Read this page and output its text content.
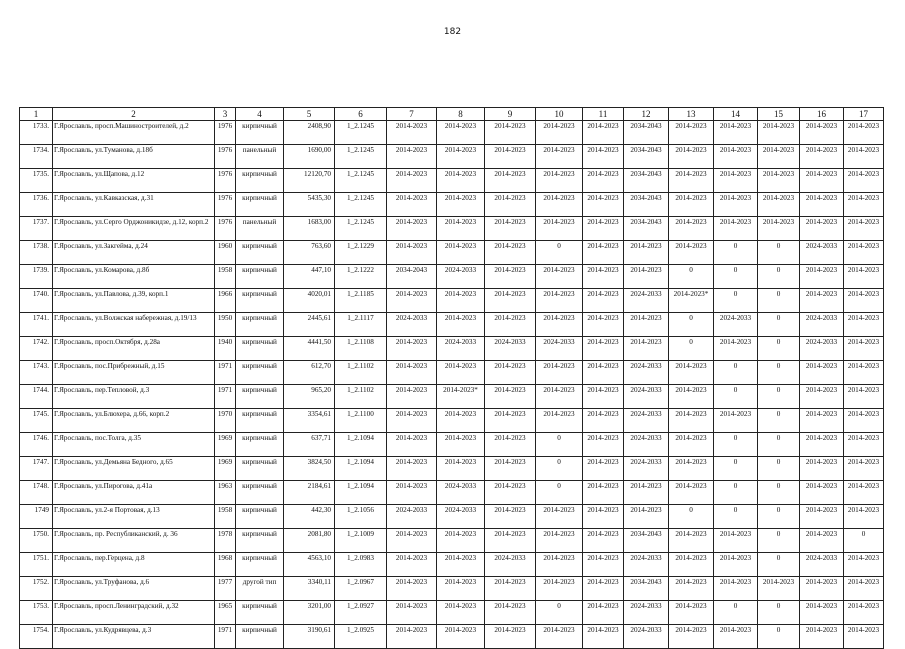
182
1	2	3	4	5	6	7	8	9	10	11	12	13	14	15	16	17
1733.	Г.Ярославль, просп.Машиностроителей, д.2	1976	кирпичный	2408,90	1_2.1245	2014-2023	2014-2023	2014-2023	2014-2023	2014-2023	2034-2043	2014-2023	2014-2023	2014-2023	2014-2023	2014-2023
1734.	Г.Ярославль, ул.Туманова, д.18б	1976	панельный	1690,00	1_2.1245	2014-2023	2014-2023	2014-2023	2014-2023	2014-2023	2034-2043	2014-2023	2014-2023	2014-2023	2014-2023	2014-2023
1735.	Г.Ярославль, ул.Щапова, д.12	1976	кирпичный	12120,70	1_2.1245	2014-2023	2014-2023	2014-2023	2014-2023	2014-2023	2034-2043	2014-2023	2014-2023	2014-2023	2014-2023	2014-2023
1736.	Г.Ярославль, ул.Кавказская, д.31	1976	кирпичный	5435,30	1_2.1245	2014-2023	2014-2023	2014-2023	2014-2023	2014-2023	2034-2043	2014-2023	2014-2023	2014-2023	2014-2023	2014-2023
1737.	Г.Ярославль, ул.Серго Орджоникидзе, д.12, корп.2	1976	панельный	1683,00	1_2.1245	2014-2023	2014-2023	2014-2023	2014-2023	2014-2023	2034-2043	2014-2023	2014-2023	2014-2023	2014-2023	2014-2023
1738.	Г.Ярославль, ул.Закгейма, д.24	1960	кирпичный	763,60	1_2.1229	2014-2023	2014-2023	2014-2023	0	2014-2023	2014-2023	2014-2023	0	0	2024-2033	2014-2023
1739.	Г.Ярославль, ул.Комарова, д.8б	1958	кирпичный	447,10	1_2.1222	2034-2043	2024-2033	2014-2023	2014-2023	2014-2023	2014-2023	0	0	0	2014-2023	2014-2023
1740.	Г.Ярославль, ул.Павлова, д.39, корп.1	1966	кирпичный	4020,01	1_2.1185	2014-2023	2014-2023	2014-2023	2014-2023	2014-2023	2024-2033	2014-2023*	0	0	2014-2023	2014-2023
1741.	Г.Ярославль, ул.Волжская набережная, д.19/13	1950	кирпичный	2445,61	1_2.1117	2024-2033	2014-2023	2014-2023	2014-2023	2014-2023	2014-2023	0	2024-2033	0	2024-2033	2014-2023
1742.	Г.Ярославль, просп.Октября, д.28а	1940	кирпичный	4441,50	1_2.1108	2014-2023	2024-2033	2024-2033	2024-2033	2014-2023	2014-2023	0	2014-2023	0	2024-2033	2014-2023
1743.	Г.Ярославль, пос.Прибрежный, д.15	1971	кирпичный	612,70	1_2.1102	2014-2023	2014-2023	2014-2023	2014-2023	2014-2023	2024-2033	2014-2023	0	0	2014-2023	2014-2023
1744.	Г.Ярославль, пер.Тепловой, д.3	1971	кирпичный	965,20	1_2.1102	2014-2023	2014-2023*	2014-2023	2014-2023	2014-2023	2024-2033	2014-2023	0	0	2014-2023	2014-2023
1745.	Г.Ярославль, ул.Блюхера, д.66, корп.2	1970	кирпичный	3354,61	1_2.1100	2014-2023	2014-2023	2014-2023	2014-2023	2014-2023	2024-2033	2014-2023	2014-2023	0	2014-2023	2014-2023
1746.	Г.Ярославль, пос.Толга, д.35	1969	кирпичный	637,71	1_2.1094	2014-2023	2014-2023	2014-2023	0	2014-2023	2024-2033	2014-2023	0	0	2014-2023	2014-2023
1747.	Г.Ярославль, ул.Демьяна Бедного, д.65	1969	кирпичный	3824,50	1_2.1094	2014-2023	2014-2023	2014-2023	0	2014-2023	2024-2033	2014-2023	0	0	2014-2023	2014-2023
1748.	Г.Ярославль, ул.Пирогова, д.41а	1963	кирпичный	2184,61	1_2.1094	2014-2023	2024-2033	2014-2023	0	2014-2023	2014-2023	2014-2023	0	0	2014-2023	2014-2023
1749	Г.Ярославль, ул.2-я Портовая, д.13	1958	кирпичный	442,30	1_2.1056	2024-2033	2024-2033	2014-2023	2014-2023	2014-2023	2014-2023	0	0	0	2014-2023	2014-2023
1750.	Г.Ярославль, пр. Республиканский, д. 36	1978	кирпичный	2081,80	1_2.1009	2014-2023	2014-2023	2014-2023	2014-2023	2014-2023	2034-2043	2014-2023	2014-2023	0	2014-2023	0
1751.	Г.Ярославль, пер.Герцена, д.8	1968	кирпичный	4563,10	1_2.0983	2014-2023	2014-2023	2024-2033	2014-2023	2014-2023	2024-2033	2014-2023	2014-2023	0	2024-2033	2014-2023
1752.	Г.Ярославль, ул.Труфанова, д.6	1977	другой тип	3340,11	1_2.0967	2014-2023	2014-2023	2014-2023	2014-2023	2014-2023	2034-2043	2014-2023	2014-2023	2014-2023	2014-2023	2014-2023
1753.	Г.Ярославль, просп.Ленинградский, д.32	1965	кирпичный	3201,00	1_2.0927	2014-2023	2014-2023	2014-2023	0	2014-2023	2024-2033	2014-2023	0	0	2014-2023	2014-2023
1754.	Г.Ярославль, ул.Кудрявцева, д.3	1971	кирпичный	3190,61	1_2.0925	2014-2023	2014-2023	2014-2023	2014-2023	2014-2023	2024-2033	2014-2023	2014-2023	0	2014-2023	2014-2023
